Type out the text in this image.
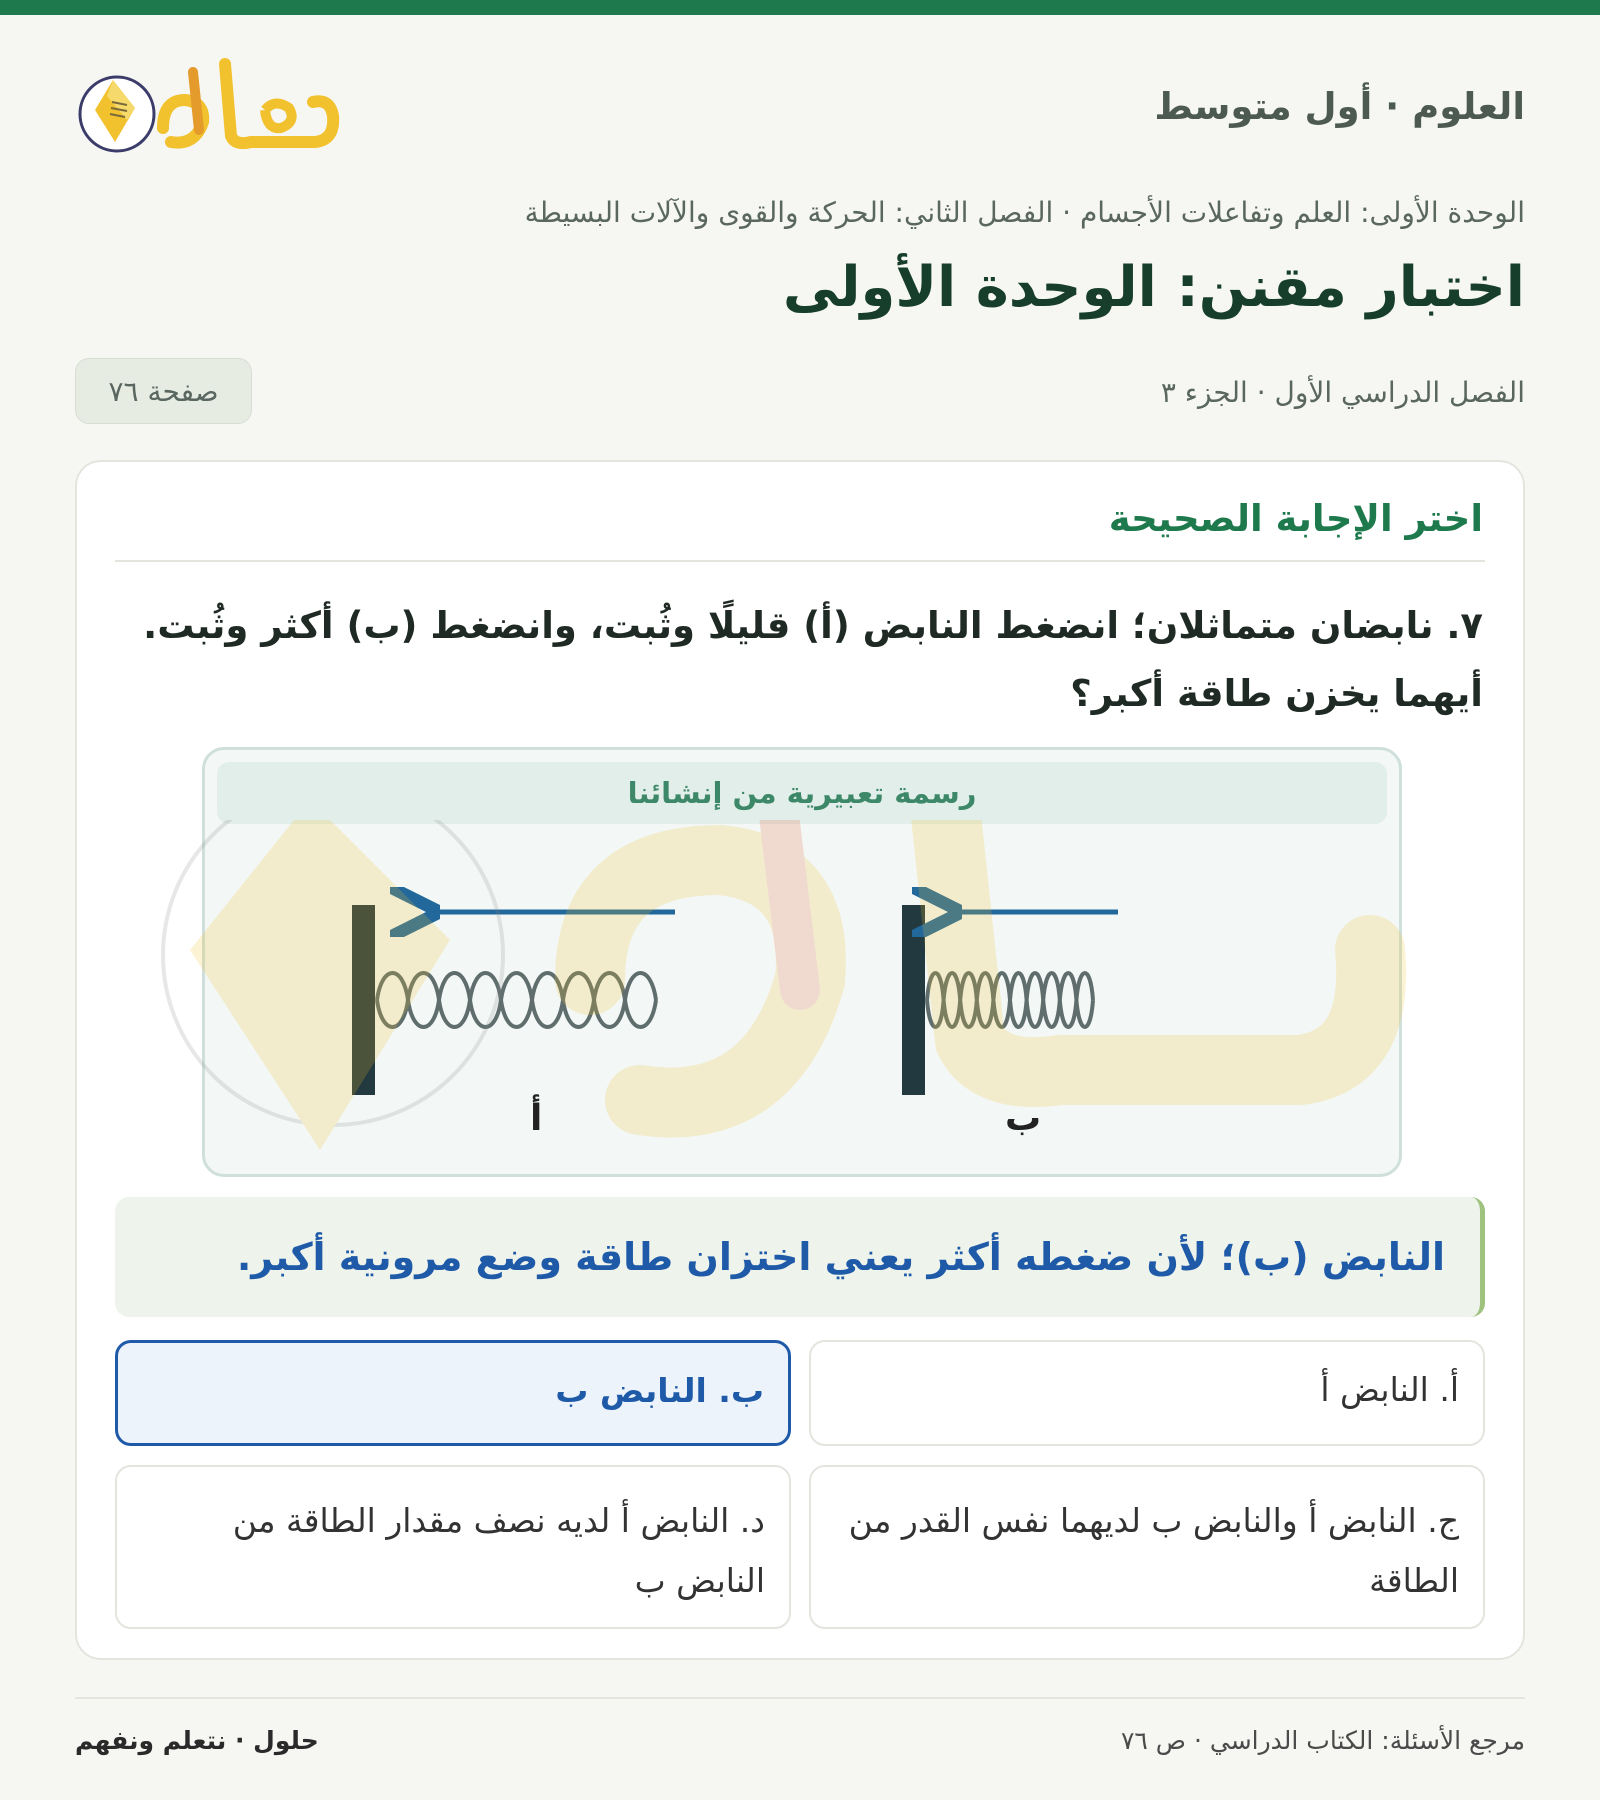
العلوم · أول متوسط
الوحدة الأولى: العلم وتفاعلات الأجسام · الفصل الثاني: الحركة والقوى والآلات البسيطة
اختبار مقنن: الوحدة الأولى
الفصل الدراسي الأول · الجزء ٣
صفحة ٧٦
اختر الإجابة الصحيحة
٧. نابضان متماثلان؛ انضغط النابض (أ) قليلًا وثُبت، وانضغط (ب) أكثر وثُبت.
أيهما يخزن طاقة أكبر؟
رسمة تعبيرية من إنشائنا
أ	ب
النابض (ب)؛ لأن ضغطه أكثر يعني اختزان طاقة وضع مرونية أكبر.
أ. النابض أ
ب. النابض ب
ج. النابض أ والنابض ب لديهما نفس القدر من الطاقة
د. النابض أ لديه نصف مقدار الطاقة من النابض ب
مرجع الأسئلة: الكتاب الدراسي · ص ٧٦
حلول · نتعلم ونفهم
